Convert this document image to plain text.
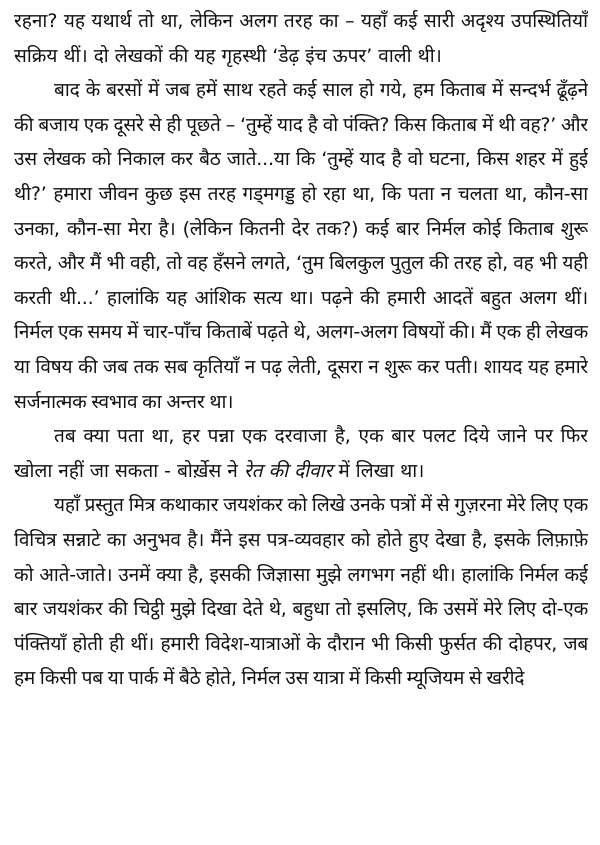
रहना? यह यथार्थ तो था, लेकिन अलग तरह का – यहाँ कई सारी अदृश्य उपस्थितियाँ सक्रिय थीं। दो लेखकों की यह गृहस्थी ‘डेढ़ इंच ऊपर’ वाली थी।

बाद के बरसों में जब हमें साथ रहते कई साल हो गये, हम किताब में सन्दर्भ ढूँढ़ने की बजाय एक दूसरे से ही पूछते – ‘तुम्हें याद है वो पंक्ति? किस किताब में थी वह?’ और उस लेखक को निकाल कर बैठ जाते...या कि ‘तुम्हें याद है वो घटना, किस शहर में हुई थी?’ हमारा जीवन कुछ इस तरह गड्मगड्ड हो रहा था, कि पता न चलता था, कौन-सा उनका, कौन-सा मेरा है। (लेकिन कितनी देर तक?) कई बार निर्मल कोई किताब शुरू करते, और मैं भी वही, तो वह हँसने लगते, ‘तुम बिलकुल पुतुल की तरह हो, वह भी यही करती थी...’ हालांकि यह आंशिक सत्य था। पढ़ने की हमारी आदतें बहुत अलग थीं। निर्मल एक समय में चार-पाँच किताबें पढ़ते थे, अलग-अलग विषयों की। मैं एक ही लेखक या विषय की जब तक सब कृतियाँ न पढ़ लेती, दूसरा न शुरू कर पती। शायद यह हमारे सर्जनात्मक स्वभाव का अन्तर था।

तब क्या पता था, हर पन्ना एक दरवाजा है, एक बार पलट दिये जाने पर फिर खोला नहीं जा सकता - बोर्ख़ेस ने रेत की दीवार में लिखा था।

यहाँ प्रस्तुत मित्र कथाकार जयशंकर को लिखे उनके पत्रों में से गुज़रना मेरे लिए एक विचित्र सन्नाटे का अनुभव है। मैंने इस पत्र-व्यवहार को होते हुए देखा है, इसके लिफ़ाफ़े को आते-जाते। उनमें क्या है, इसकी जिज्ञासा मुझे लगभग नहीं थी। हालांकि निर्मल कई बार जयशंकर की चिट्ठी मुझे दिखा देते थे, बहुधा तो इसलिए, कि उसमें मेरे लिए दो-एक पंक्तियाँ होती ही थीं। हमारी विदेश-यात्राओं के दौरान भी किसी फुर्सत की दोहपर, जब हम किसी पब या पार्क में बैठे होते, निर्मल उस यात्रा में किसी म्यूजियम से खरीदे
